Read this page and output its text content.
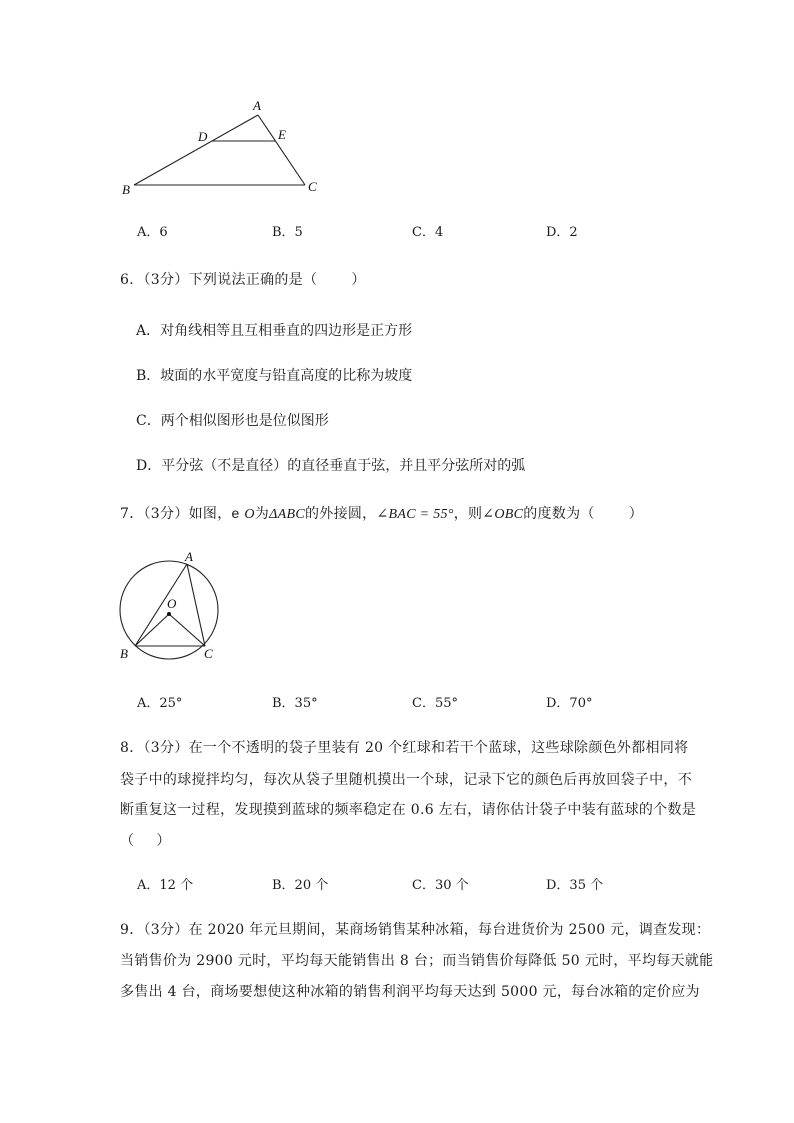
A
D	E
B	C
A．6	B．5	C．4	D．2
6．（3分）下列说法正确的是（ ）
A．对角线相等且互相垂直的四边形是正方形
B．坡面的水平宽度与铅直高度的比称为坡度
C．两个相似图形也是位似图形
D．平分弦（不是直径）的直径垂直于弦，并且平分弦所对的弧
7．（3分）如图，e O为ΔABC的外接圆，∠BAC = 55°，则∠OBC的度数为（ ）
A
O
B	C
A．25°	B．35°	C．55°	D．70°
8．（3分）在一个不透明的袋子里装有 20 个红球和若干个蓝球，这些球除颜色外都相同将
袋子中的球搅拌均匀，每次从袋子里随机摸出一个球，记录下它的颜色后再放回袋子中，不
断重复这一过程，发现摸到蓝球的频率稳定在 0.6 左右，请你估计袋子中装有蓝球的个数是
（ ）
A．12 个	B．20 个	C．30 个	D．35 个
9．（3分）在 2020 年元旦期间，某商场销售某种冰箱，每台进货价为 2500 元，调查发现：
当销售价为 2900 元时，平均每天能销售出 8 台；而当销售价每降低 50 元时，平均每天就能
多售出 4 台，商场要想使这种冰箱的销售利润平均每天达到 5000 元，每台冰箱的定价应为
